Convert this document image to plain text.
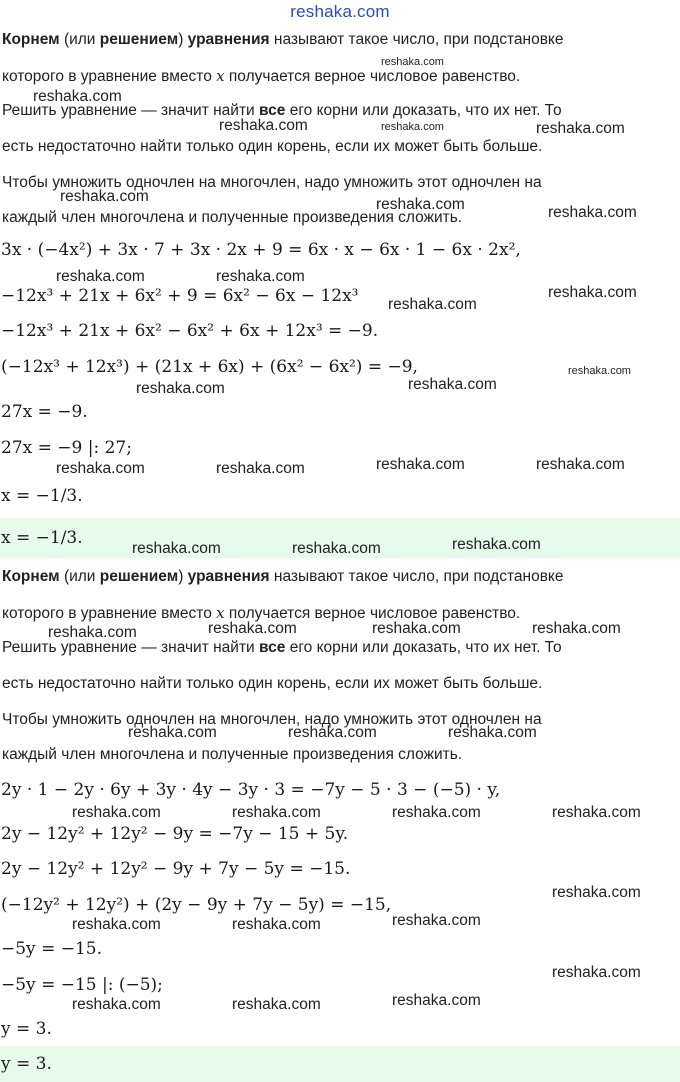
reshaka.com
Корнем (или решением) уравнения называют такое число, при подстановке
которого в уравнение вместо x получается верное числовое равенство.
Решить уравнение — значит найти все его корни или доказать, что их нет. То
есть недостаточно найти только один корень, если их может быть больше.
Чтобы умножить одночлен на многочлен, надо умножить этот одночлен на
каждый член многочлена и полученные произведения сложить.
3x · (−4x²) + 3x · 7 + 3x · 2x + 9 = 6x · x − 6x · 1 − 6x · 2x²,
−12x³ + 21x + 6x² + 9 = 6x² − 6x − 12x³
−12x³ + 21x + 6x² − 6x² + 6x + 12x³ = −9.
(−12x³ + 12x³) + (21x + 6x) + (6x² − 6x²) = −9,
27x = −9.
27x = −9 |: 27;
x = −1/3.
x = −1/3.
Корнем (или решением) уравнения называют такое число, при подстановке
которого в уравнение вместо x получается верное числовое равенство.
Решить уравнение — значит найти все его корни или доказать, что их нет. То
есть недостаточно найти только один корень, если их может быть больше.
Чтобы умножить одночлен на многочлен, надо умножить этот одночлен на
каждый член многочлена и полученные произведения сложить.
2y · 1 − 2y · 6y + 3y · 4y − 3y · 3 = −7y − 5 · 3 − (−5) · y,
2y − 12y² + 12y² − 9y = −7y − 15 + 5y.
2y − 12y² + 12y² − 9y + 7y − 5y = −15.
(−12y² + 12y²) + (2y − 9y + 7y − 5y) = −15,
−5y = −15.
−5y = −15 |: (−5);
y = 3.
y = 3.
reshaka.com
reshaka.com
reshaka.com	reshaka.com	reshaka.com
reshaka.com	reshaka.com	reshaka.com
reshaka.com	reshaka.com
reshaka.com
reshaka.com
reshaka.com	reshaka.com
reshaka.com
reshaka.com	reshaka.com	reshaka.com	reshaka.com
reshaka.com	reshaka.com	reshaka.com
reshaka.com	reshaka.com	reshaka.com	reshaka.com
reshaka.com	reshaka.com	reshaka.com
reshaka.com	reshaka.com	reshaka.com	reshaka.com
reshaka.com	reshaka.com	reshaka.com
reshaka.com
reshaka.com	reshaka.com	reshaka.com
reshaka.com
